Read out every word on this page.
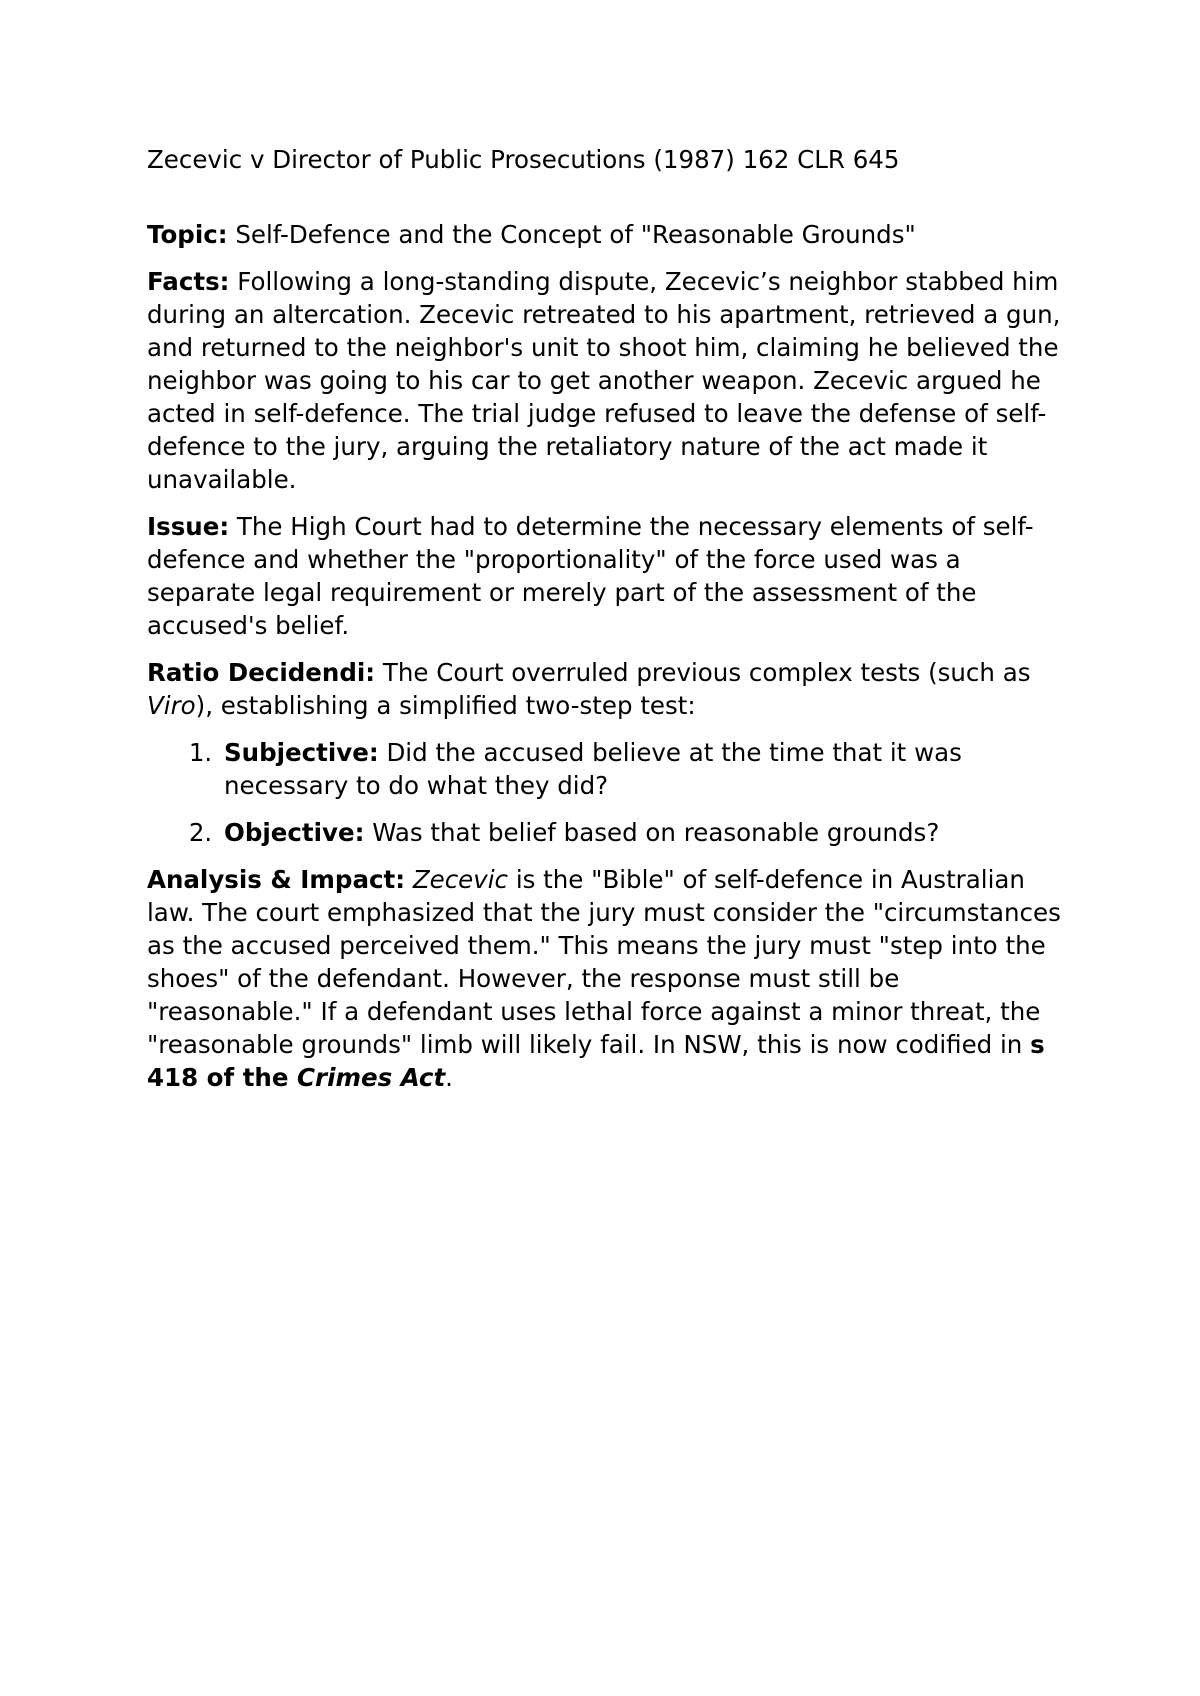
Zecevic v Director of Public Prosecutions (1987) 162 CLR 645

Topic: Self-Defence and the Concept of "Reasonable Grounds"

Facts: Following a long-standing dispute, Zecevic’s neighbor stabbed him during an altercation. Zecevic retreated to his apartment, retrieved a gun, and returned to the neighbor's unit to shoot him, claiming he believed the neighbor was going to his car to get another weapon. Zecevic argued he acted in self-defence. The trial judge refused to leave the defense of self-defence to the jury, arguing the retaliatory nature of the act made it unavailable.

Issue: The High Court had to determine the necessary elements of self-defence and whether the "proportionality" of the force used was a separate legal requirement or merely part of the assessment of the accused's belief.

Ratio Decidendi: The Court overruled previous complex tests (such as Viro), establishing a simplified two-step test:

1. Subjective: Did the accused believe at the time that it was necessary to do what they did?
2. Objective: Was that belief based on reasonable grounds?

Analysis & Impact: Zecevic is the "Bible" of self-defence in Australian law. The court emphasized that the jury must consider the "circumstances as the accused perceived them." This means the jury must "step into the shoes" of the defendant. However, the response must still be "reasonable." If a defendant uses lethal force against a minor threat, the "reasonable grounds" limb will likely fail. In NSW, this is now codified in s 418 of the Crimes Act.
